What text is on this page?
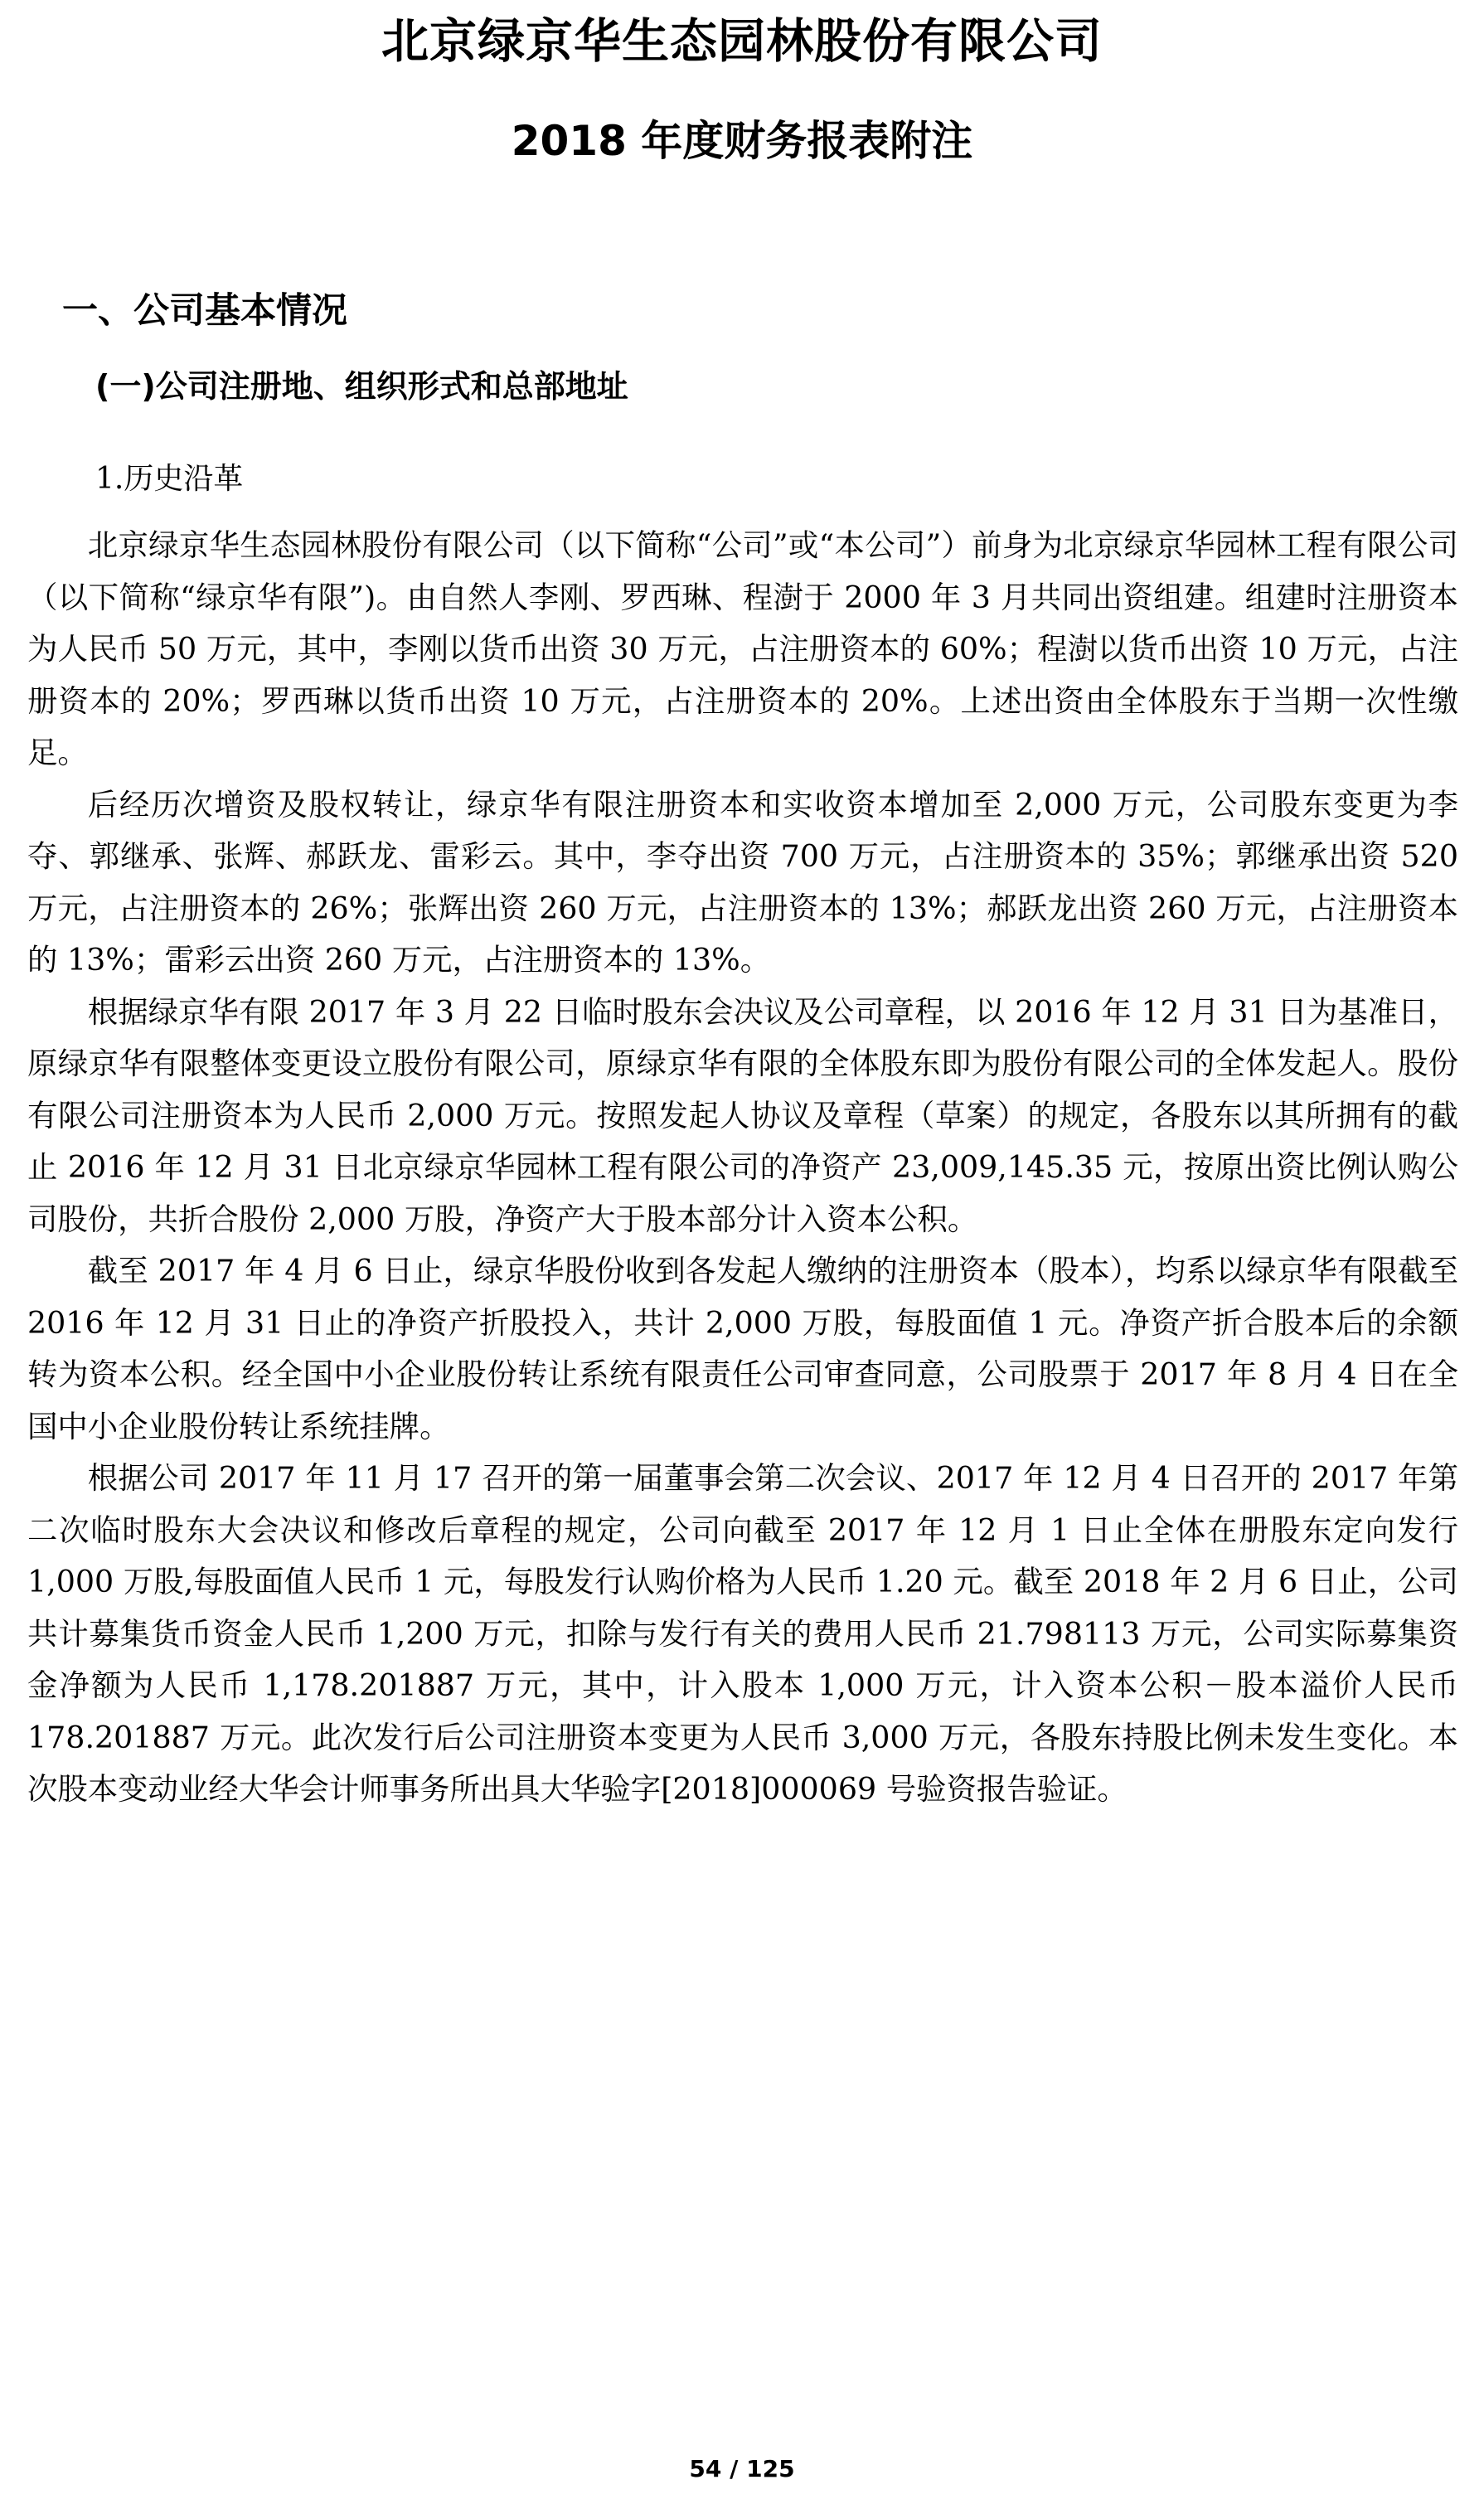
北京绿京华生态园林股份有限公司
2018 年度财务报表附注
一、公司基本情况
(一)公司注册地、组织形式和总部地址
1.历史沿革

北京绿京华生态园林股份有限公司（以下简称“公司”或“本公司”）前身为北京绿京华园林工程有限公司（以下简称“绿京华有限”)。由自然人李刚、罗西琳、程澍于 2000 年 3 月共同出资组建。组建时注册资本为人民币 50 万元，其中，李刚以货币出资 30 万元，占注册资本的 60%；程澍以货币出资 10 万元，占注册资本的 20%；罗西琳以货币出资 10 万元，占注册资本的 20%。上述出资由全体股东于当期一次性缴足。

后经历次增资及股权转让，绿京华有限注册资本和实收资本增加至 2,000 万元，公司股东变更为李夺、郭继承、张辉、郝跃龙、雷彩云。其中，李夺出资 700 万元，占注册资本的 35%；郭继承出资 520 万元，占注册资本的 26%；张辉出资 260 万元，占注册资本的 13%；郝跃龙出资 260 万元，占注册资本的 13%；雷彩云出资 260 万元，占注册资本的 13%。

根据绿京华有限 2017 年 3 月 22 日临时股东会决议及公司章程，以 2016 年 12 月 31 日为基准日，原绿京华有限整体变更设立股份有限公司，原绿京华有限的全体股东即为股份有限公司的全体发起人。股份有限公司注册资本为人民币 2,000 万元。按照发起人协议及章程（草案）的规定，各股东以其所拥有的截止 2016 年 12 月 31 日北京绿京华园林工程有限公司的净资产 23,009,145.35 元，按原出资比例认购公司股份，共折合股份 2,000 万股，净资产大于股本部分计入资本公积。

截至 2017 年 4 月 6 日止，绿京华股份收到各发起人缴纳的注册资本（股本），均系以绿京华有限截至 2016 年 12 月 31 日止的净资产折股投入，共计 2,000 万股，每股面值 1 元。净资产折合股本后的余额转为资本公积。经全国中小企业股份转让系统有限责任公司审查同意，公司股票于 2017 年 8 月 4 日在全国中小企业股份转让系统挂牌。

根据公司 2017 年 11 月 17 召开的第一届董事会第二次会议、2017 年 12 月 4 日召开的 2017 年第二次临时股东大会决议和修改后章程的规定，公司向截至 2017 年 12 月 1 日止全体在册股东定向发行 1,000 万股,每股面值人民币 1 元，每股发行认购价格为人民币 1.20 元。截至 2018 年 2 月 6 日止，公司共计募集货币资金人民币 1,200 万元，扣除与发行有关的费用人民币 21.798113 万元，公司实际募集资金净额为人民币 1,178.201887 万元，其中，计入股本 1,000 万元，计入资本公积－股本溢价人民币 178.201887 万元。此次发行后公司注册资本变更为人民币 3,000 万元，各股东持股比例未发生变化。本次股本变动业经大华会计师事务所出具大华验字[2018]000069 号验资报告验证。

54 / 125
